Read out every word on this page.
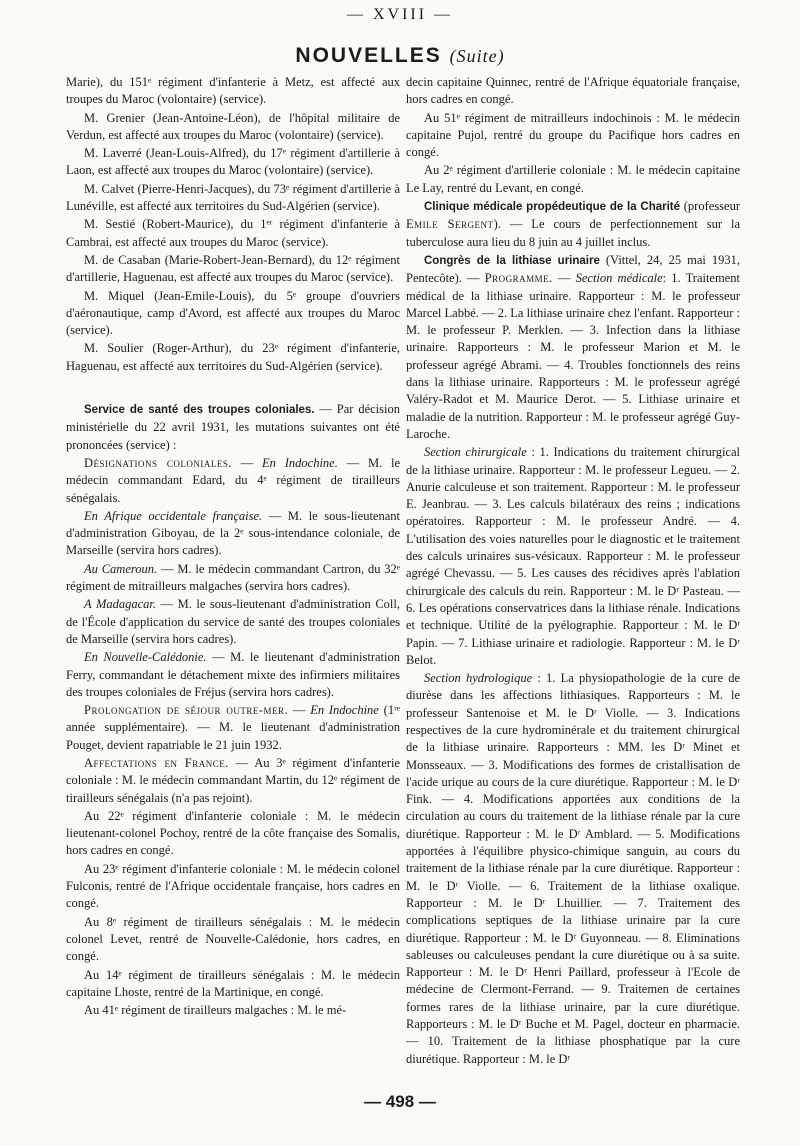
— XVIII —
NOUVELLES (Suite)

Marie), du 151ᵉ régiment d'infanterie à Metz, est affecté aux troupes du Maroc (volontaire) (service).

M. Grenier (Jean-Antoine-Léon), de l'hôpital militaire de Verdun, est affecté aux troupes du Maroc (volontaire) (service).

M. Laverré (Jean-Louis-Alfred), du 17ᵉ régiment d'artillerie à Laon, est affecté aux troupes du Maroc (volontaire) (service).

M. Calvet (Pierre-Henri-Jacques), du 73ᵉ régiment d'artillerie à Lunéville, est affecté aux territoires du Sud-Algérien (service).

M. Sestié (Robert-Maurice), du 1ᵉʳ régiment d'infanterie à Cambrai, est affecté aux troupes du Maroc (service).

M. de Casaban (Marie-Robert-Jean-Bernard), du 12ᵉ régiment d'artillerie, Haguenau, est affecté aux troupes du Maroc (service).

M. Miquel (Jean-Emile-Louis), du 5ᵉ groupe d'ouvriers d'aéronautique, camp d'Avord, est affecté aux troupes du Maroc (service).

M. Soulier (Roger-Arthur), du 23ᵉ régiment d'infanterie, Haguenau, est affecté aux territoires du Sud-Algérien (service).

Service de santé des troupes coloniales. — Par décision ministérielle du 22 avril 1931, les mutations suivantes ont été prononcées (service) :

Désignations coloniales. — En Indochine. — M. le médecin commandant Edard, du 4ᵉ régiment de tirailleurs sénégalais.

En Afrique occidentale française. — M. le sous-lieutenant d'administration Giboyau, de la 2ᵉ sous-intendance coloniale, de Marseille (servira hors cadres).

Au Cameroun. — M. le médecin commandant Cartron, du 32ᵉ régiment de mitrailleurs malgaches (servira hors cadres).

A Madagacar. — M. le sous-lieutenant d'administration Coll, de l'École d'application du service de santé des troupes coloniales de Marseille (servira hors cadres).

En Nouvelle-Calédonie. — M. le lieutenant d'administration Ferry, commandant le détachement mixte des infirmiers militaires des troupes coloniales de Fréjus (servira hors cadres).

Prolongation de séjour outre-mer. — En Indochine (1ʳᵉ année supplémentaire). — M. le lieutenant d'administration Pouget, devient rapatriable le 21 juin 1932.

Affectations en France. — Au 3ᵉ régiment d'infanterie coloniale : M. le médecin commandant Martin, du 12ᵉ régiment de tirailleurs sénégalais (n'a pas rejoint).

Au 22ᵉ régiment d'infanterie coloniale : M. le médecin lieutenant-colonel Pochoy, rentré de la côte française des Somalis, hors cadres en congé.

Au 23ᵉ régiment d'infanterie coloniale : M. le médecin colonel Fulconis, rentré de l'Afrique occidentale française, hors cadres en congé.

Au 8ᵉ régiment de tirailleurs sénégalais : M. le médecin colonel Levet, rentré de Nouvelle-Calédonie, hors cadres, en congé.

Au 14ᵉ régiment de tirailleurs sénégalais : M. le médecin capitaine Lhoste, rentré de la Martinique, en congé.

Au 41ᵉ régiment de tirailleurs malgaches : M. le mé-

decin capitaine Quinnec, rentré de l'Afrique équatoriale française, hors cadres en congé.

Au 51ᵉ régiment de mitrailleurs indochinois : M. le médecin capitaine Pujol, rentré du groupe du Pacifique hors cadres en congé.

Au 2ᵉ régiment d'artillerie coloniale : M. le médecin capitaine Le Lay, rentré du Levant, en congé.

Clinique médicale propédeutique de la Charité (professeur Emile Sergent). — Le cours de perfectionnement sur la tuberculose aura lieu du 8 juin au 4 juillet inclus.

Congrès de la lithiase urinaire (Vittel, 24, 25 mai 1931, Pentecôte). — Programme. — Section médicale: 1. Traitement médical de la lithiase urinaire. Rapporteur : M. le professeur Marcel Labbé. — 2. La lithiase urinaire chez l'enfant. Rapporteur : M. le professeur P. Merklen. — 3. Infection dans la lithiase urinaire. Rapporteurs : M. le professeur Marion et M. le professeur agrégé Abrami. — 4. Troubles fonctionnels des reins dans la lithiase urinaire. Rapporteurs : M. le professeur agrégé Valéry-Radot et M. Maurice Derot. — 5. Lithiase urinaire et maladie de la nutrition. Rapporteur : M. le professeur agrégé Guy-Laroche.

Section chirurgicale : 1. Indications du traitement chirurgical de la lithiase urinaire. Rapporteur : M. le professeur Legueu. — 2. Anurie calculeuse et son traitement. Rapporteur : M. le professeur E. Jeanbrau. — 3. Les calculs bilatéraux des reins ; indications opératoires. Rapporteur : M. le professeur André. — 4. L'utilisation des voies naturelles pour le diagnostic et le traitement des calculs urinaires sus-vésicaux. Rapporteur : M. le professeur agrégé Chevassu. — 5. Les causes des récidives après l'ablation chirurgicale des calculs du rein. Rapporteur : M. le Dʳ Pasteau. — 6. Les opérations conservatrices dans la lithiase rénale. Indications et technique. Utilité de la pyélographie. Rapporteur : M. le Dʳ Papin. — 7. Lithiase urinaire et radiologie. Rapporteur : M. le Dʳ Belot.

Section hydrologique : 1. La physiopathologie de la cure de diurèse dans les affections lithiasiques. Rapporteurs : M. le professeur Santenoise et M. le Dʳ Violle. — 3. Indications respectives de la cure hydrominérale et du traitement chirurgical de la lithiase urinaire. Rapporteurs : MM. les Dʳ Minet et Monsseaux. — 3. Modifications des formes de cristallisation de l'acide urique au cours de la cure diurétique. Rapporteur : M. le Dʳ Fink. — 4. Modifications apportées aux conditions de la circulation au cours du traitement de la lithiase rénale par la cure diurétique. Rapporteur : M. le Dʳ Amblard. — 5. Modifications apportées à l'équilibre physico-chimique sanguin, au cours du traitement de la lithiase rénale par la cure diurétique. Rapporteur : M. le Dʳ Violle. — 6. Traitement de la lithiase oxalique. Rapporteur : M. le Dʳ Lhuillier. — 7. Traitement des complications septiques de la lithiase urinaire par la cure diurétique. Rapporteur : M. le Dʳ Guyonneau. — 8. Eliminations sableuses ou calculeuses pendant la cure diurétique ou à sa suite. Rapporteur : M. le Dʳ Henri Paillard, professeur à l'Ecole de médecine de Clermont-Ferrand. — 9. Traitemen de certaines formes rares de la lithiase urinaire, par la cure diurétique. Rapporteurs : M. le Dʳ Buche et M. Pagel, docteur en pharmacie. — 10. Traitement de la lithiase phosphatique par la cure diurétique. Rapporteur : M. le Dʳ

— 498 —
